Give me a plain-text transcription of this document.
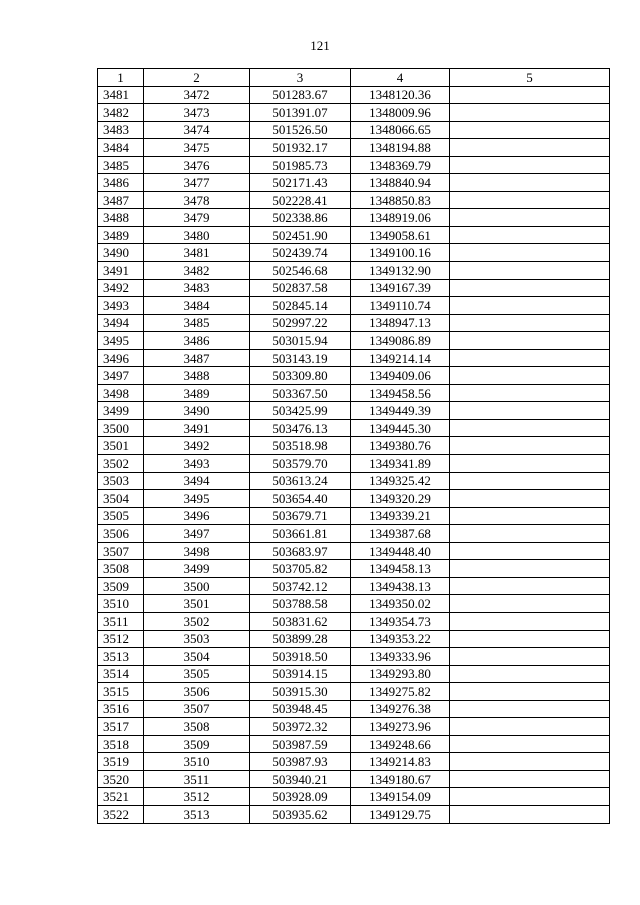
121
1	2	3	4	5
3481	3472	501283.67	1348120.36	
3482	3473	501391.07	1348009.96	
3483	3474	501526.50	1348066.65	
3484	3475	501932.17	1348194.88	
3485	3476	501985.73	1348369.79	
3486	3477	502171.43	1348840.94	
3487	3478	502228.41	1348850.83	
3488	3479	502338.86	1348919.06	
3489	3480	502451.90	1349058.61	
3490	3481	502439.74	1349100.16	
3491	3482	502546.68	1349132.90	
3492	3483	502837.58	1349167.39	
3493	3484	502845.14	1349110.74	
3494	3485	502997.22	1348947.13	
3495	3486	503015.94	1349086.89	
3496	3487	503143.19	1349214.14	
3497	3488	503309.80	1349409.06	
3498	3489	503367.50	1349458.56	
3499	3490	503425.99	1349449.39	
3500	3491	503476.13	1349445.30	
3501	3492	503518.98	1349380.76	
3502	3493	503579.70	1349341.89	
3503	3494	503613.24	1349325.42	
3504	3495	503654.40	1349320.29	
3505	3496	503679.71	1349339.21	
3506	3497	503661.81	1349387.68	
3507	3498	503683.97	1349448.40	
3508	3499	503705.82	1349458.13	
3509	3500	503742.12	1349438.13	
3510	3501	503788.58	1349350.02	
3511	3502	503831.62	1349354.73	
3512	3503	503899.28	1349353.22	
3513	3504	503918.50	1349333.96	
3514	3505	503914.15	1349293.80	
3515	3506	503915.30	1349275.82	
3516	3507	503948.45	1349276.38	
3517	3508	503972.32	1349273.96	
3518	3509	503987.59	1349248.66	
3519	3510	503987.93	1349214.83	
3520	3511	503940.21	1349180.67	
3521	3512	503928.09	1349154.09	
3522	3513	503935.62	1349129.75	
